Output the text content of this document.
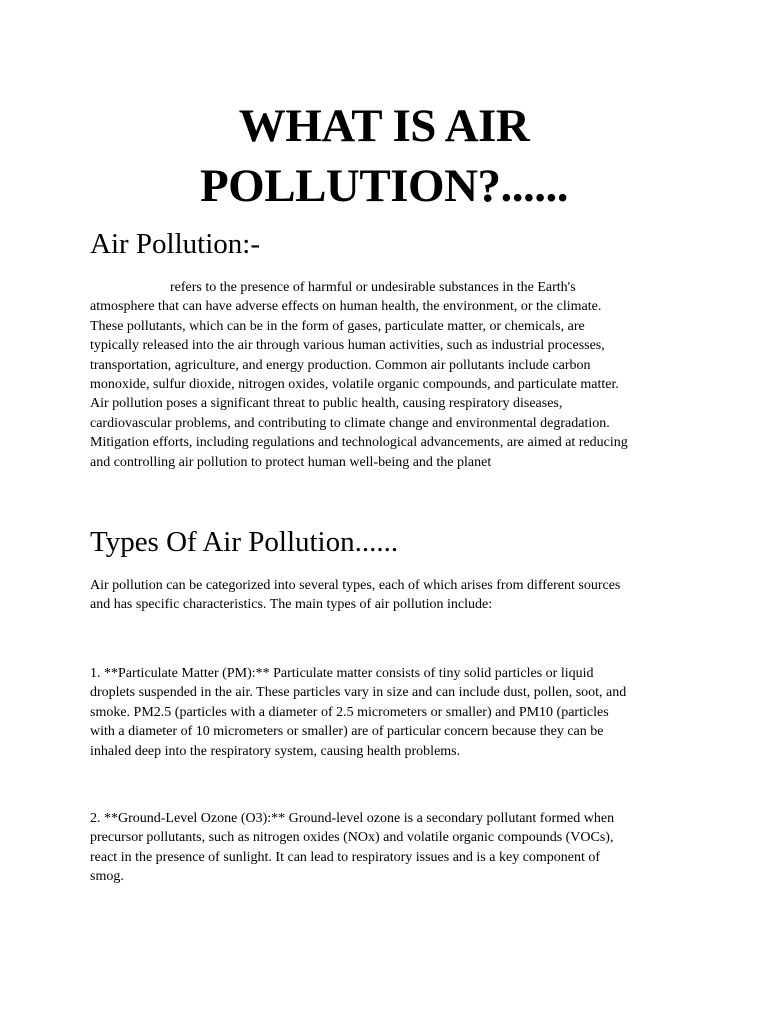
WHAT IS AIR
POLLUTION?......
Air Pollution:-
refers to the presence of harmful or undesirable substances in the Earth's
atmosphere that can have adverse effects on human health, the environment, or the climate.
These pollutants, which can be in the form of gases, particulate matter, or chemicals, are
typically released into the air through various human activities, such as industrial processes,
transportation, agriculture, and energy production. Common air pollutants include carbon
monoxide, sulfur dioxide, nitrogen oxides, volatile organic compounds, and particulate matter.
Air pollution poses a significant threat to public health, causing respiratory diseases,
cardiovascular problems, and contributing to climate change and environmental degradation.
Mitigation efforts, including regulations and technological advancements, are aimed at reducing
and controlling air pollution to protect human well-being and the planet
Types Of Air Pollution......
Air pollution can be categorized into several types, each of which arises from different sources
and has specific characteristics. The main types of air pollution include:
1. **Particulate Matter (PM):** Particulate matter consists of tiny solid particles or liquid
droplets suspended in the air. These particles vary in size and can include dust, pollen, soot, and
smoke. PM2.5 (particles with a diameter of 2.5 micrometers or smaller) and PM10 (particles
with a diameter of 10 micrometers or smaller) are of particular concern because they can be
inhaled deep into the respiratory system, causing health problems.
2. **Ground-Level Ozone (O3):** Ground-level ozone is a secondary pollutant formed when
precursor pollutants, such as nitrogen oxides (NOx) and volatile organic compounds (VOCs),
react in the presence of sunlight. It can lead to respiratory issues and is a key component of
smog.
